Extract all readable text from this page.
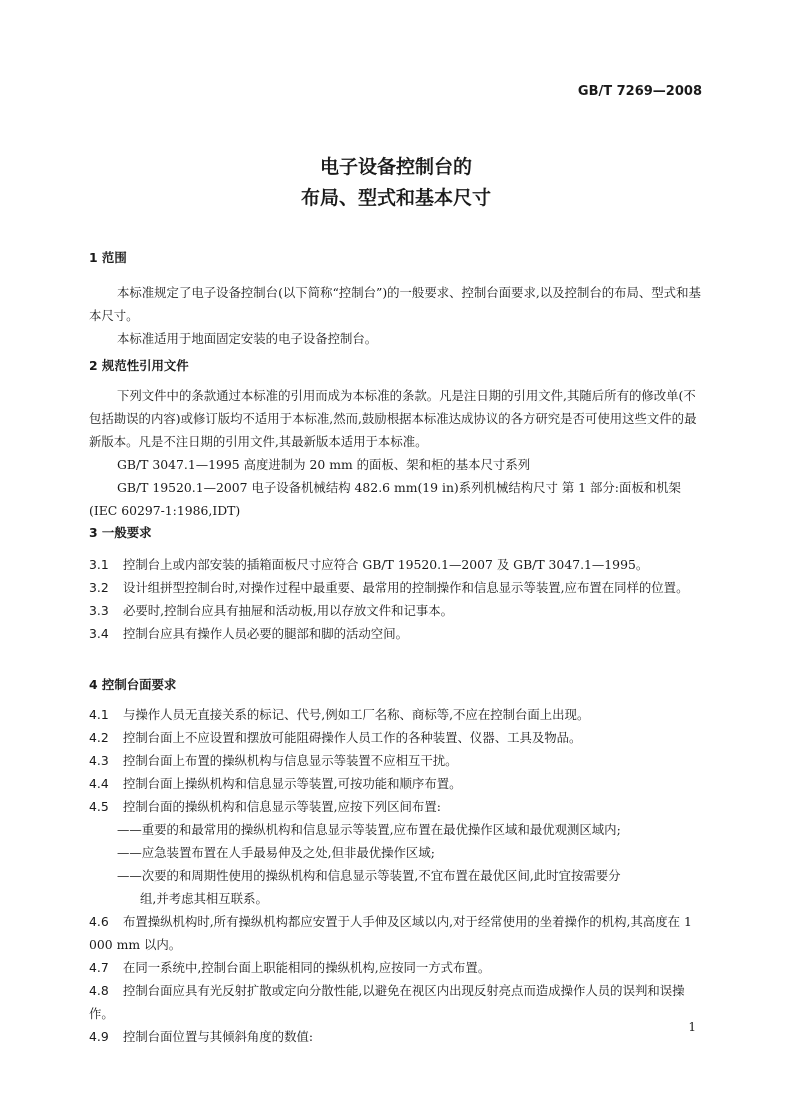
GB/T 7269—2008
电子设备控制台的
布局、型式和基本尺寸

1 范围

本标准规定了电子设备控制台(以下简称“控制台”)的一般要求、控制台面要求,以及控制台的布局、型式和基本尺寸。

本标准适用于地面固定安装的电子设备控制台。

2 规范性引用文件

下列文件中的条款通过本标准的引用而成为本标准的条款。凡是注日期的引用文件,其随后所有的修改单(不包括勘误的内容)或修订版均不适用于本标准,然而,鼓励根据本标准达成协议的各方研究是否可使用这些文件的最新版本。凡是不注日期的引用文件,其最新版本适用于本标准。

GB/T 3047.1—1995 高度进制为 20 mm 的面板、架和柜的基本尺寸系列

GB/T 19520.1—2007 电子设备机械结构 482.6 mm(19 in)系列机械结构尺寸 第 1 部分:面板和机架(IEC 60297-1:1986,IDT)

3 一般要求

3.1 控制台上或内部安装的插箱面板尺寸应符合 GB/T 19520.1—2007 及 GB/T 3047.1—1995。

3.2 设计组拼型控制台时,对操作过程中最重要、最常用的控制操作和信息显示等装置,应布置在同样的位置。

3.3 必要时,控制台应具有抽屉和活动板,用以存放文件和记事本。

3.4 控制台应具有操作人员必要的腿部和脚的活动空间。

4 控制台面要求

4.1 与操作人员无直接关系的标记、代号,例如工厂名称、商标等,不应在控制台面上出现。

4.2 控制台面上不应设置和摆放可能阻碍操作人员工作的各种装置、仪器、工具及物品。

4.3 控制台面上布置的操纵机构与信息显示等装置不应相互干扰。

4.4 控制台面上操纵机构和信息显示等装置,可按功能和顺序布置。

4.5 控制台面的操纵机构和信息显示等装置,应按下列区间布置:

——重要的和最常用的操纵机构和信息显示等装置,应布置在最优操作区域和最优观测区域内;

——应急装置布置在人手最易伸及之处,但非最优操作区域;

——次要的和周期性使用的操纵机构和信息显示等装置,不宜布置在最优区间,此时宜按需要分

组,并考虑其相互联系。

4.6 布置操纵机构时,所有操纵机构都应安置于人手伸及区域以内,对于经常使用的坐着操作的机构,其高度在 1 000 mm 以内。

4.7 在同一系统中,控制台面上职能相同的操纵机构,应按同一方式布置。

4.8 控制台面应具有光反射扩散或定向分散性能,以避免在视区内出现反射亮点而造成操作人员的误判和误操作。

4.9 控制台面位置与其倾斜角度的数值:

1
